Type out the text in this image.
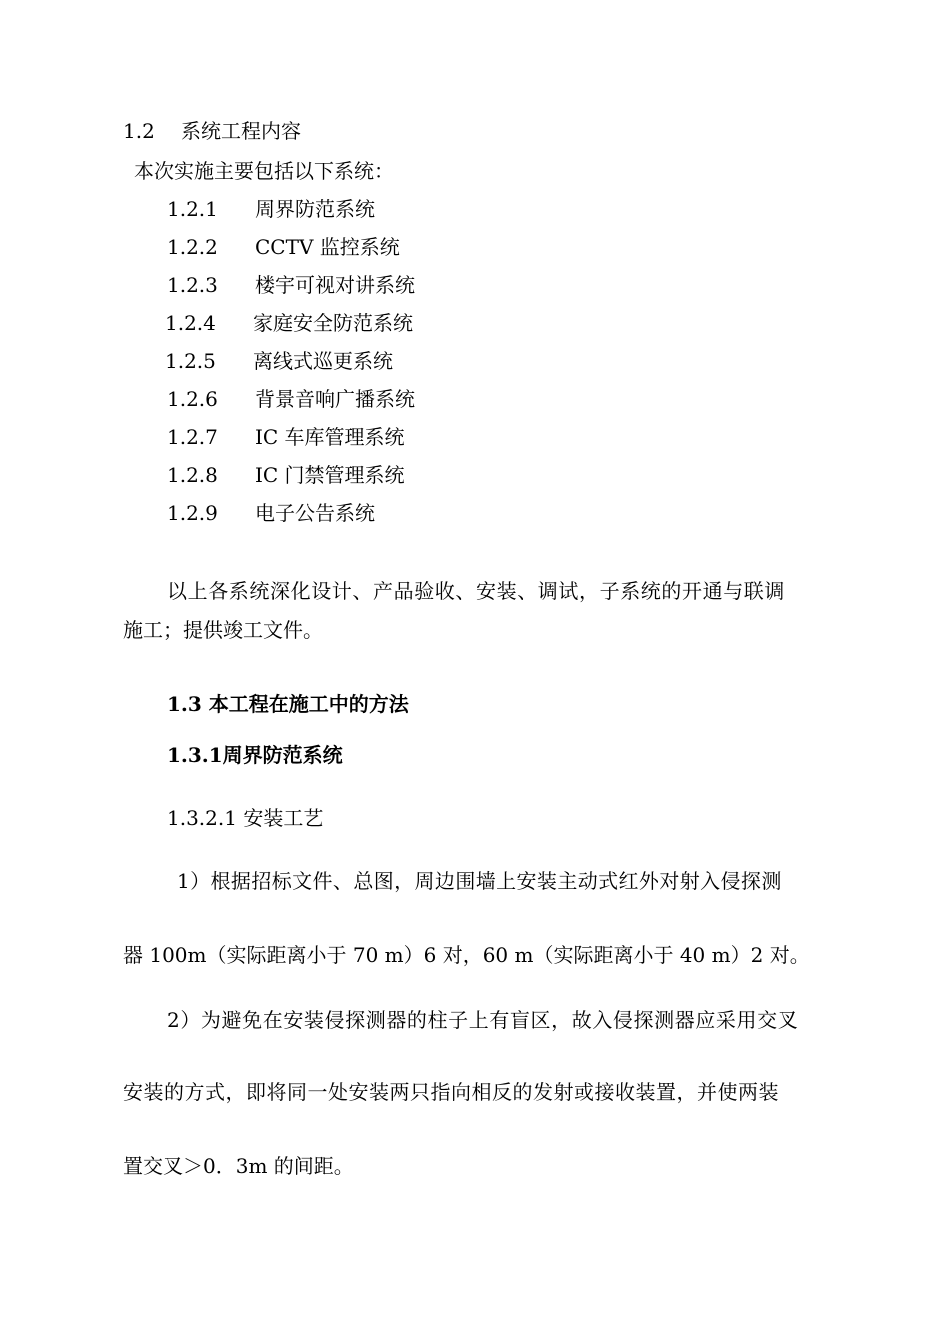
1.2 系统工程内容
本次实施主要包括以下系统：
1.2.1 周界防范系统
1.2.2 CCTV 监控系统
1.2.3 楼宇可视对讲系统
1.2.4 家庭安全防范系统
1.2.5 离线式巡更系统
1.2.6 背景音响广播系统
1.2.7 IC 车库管理系统
1.2.8 IC 门禁管理系统
1.2.9 电子公告系统
以上各系统深化设计、产品验收、安装、调试，子系统的开通与联调
施工；提供竣工文件。
1.3 本工程在施工中的方法
1.3.1周界防范系统
1.3.2.1 安装工艺
1）根据招标文件、总图，周边围墙上安装主动式红外对射入侵探测
器 100m（实际距离小于 70 m）6 对，60 m（实际距离小于 40 m）2 对。
2）为避免在安装侵探测器的柱子上有盲区，故入侵探测器应采用交叉
安装的方式，即将同一处安装两只指向相反的发射或接收装置，并使两装
置交叉＞0．3m 的间距。
